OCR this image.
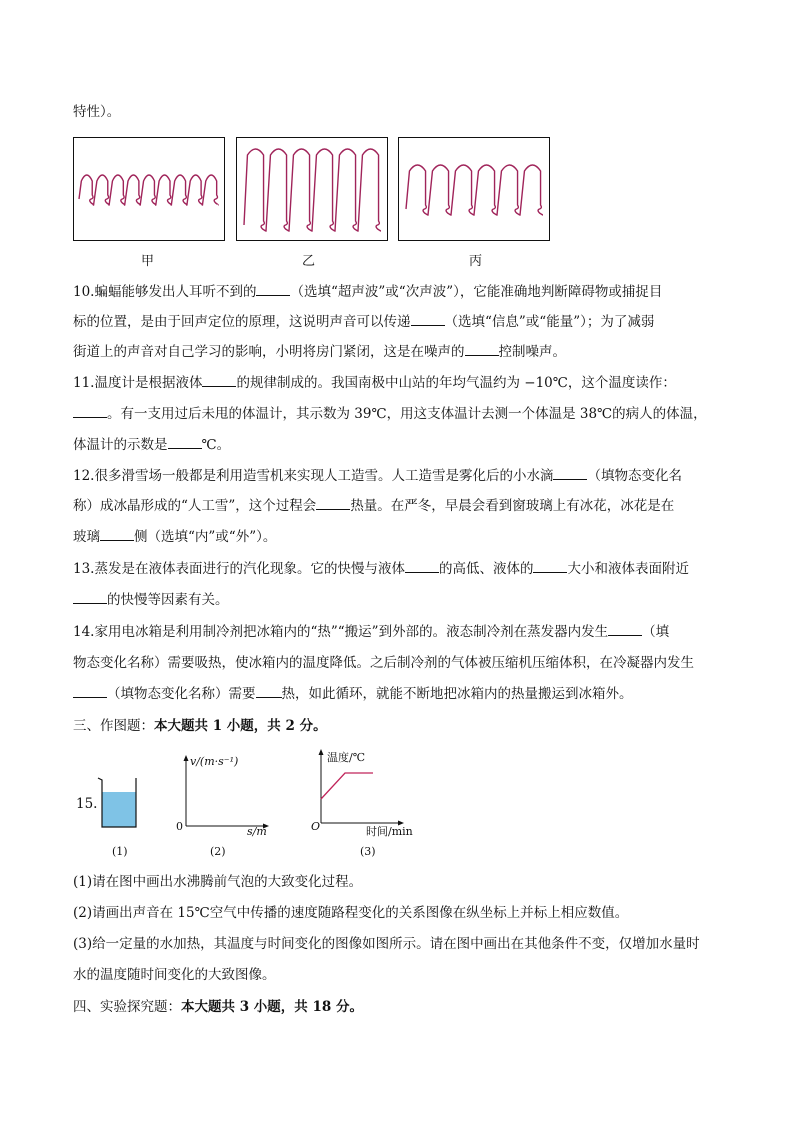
特性）。
甲	乙	丙
10.蝙蝠能够发出人耳听不到的	（选填“超声波”或“次声波”），它能准确地判断障碍物或捕捉目
标的位置，是由于回声定位的原理，这说明声音可以传递	（选填“信息”或“能量”）；为了减弱
街道上的声音对自己学习的影响，小明将房门紧闭，这是在噪声的	控制噪声。
11.温度计是根据液体	的规律制成的。我国南极中山站的年均气温约为 −10℃，这个温度读作：
。有一支用过后未甩的体温计，其示数为 39℃，用这支体温计去测一个体温是 38℃的病人的体温，
体温计的示数是	℃。
12.很多滑雪场一般都是利用造雪机来实现人工造雪。人工造雪是雾化后的小水滴	（填物态变化名
称）成冰晶形成的“人工雪”，这个过程会	热量。在严冬，早晨会看到窗玻璃上有冰花，冰花是在
玻璃	侧（选填“内”或“外”）。
13.蒸发是在液体表面进行的汽化现象。它的快慢与液体	的高低、液体的	大小和液体表面附近
的快慢等因素有关。
14.家用电冰箱是利用制冷剂把冰箱内的“热”“搬运”到外部的。液态制冷剂在蒸发器内发生	（填
物态变化名称）需要吸热，使冰箱内的温度降低。之后制冷剂的气体被压缩机压缩体积，在冷凝器内发生
（填物态变化名称）需要 热，如此循环，就能不断地把冰箱内的热量搬运到冰箱外。
三、作图题：本大题共 1 小题，共 2 分。
15.
(1)
v/(m·s⁻¹)
0	s/m
(2)
温度/℃
O	时间/min
(3)
(1)请在图中画出水沸腾前气泡的大致变化过程。
(2)请画出声音在 15℃空气中传播的速度随路程变化的关系图像在纵坐标上并标上相应数值。
(3)给一定量的水加热，其温度与时间变化的图像如图所示。请在图中画出在其他条件不变，仅增加水量时
水的温度随时间变化的大致图像。
四、实验探究题：本大题共 3 小题，共 18 分。
